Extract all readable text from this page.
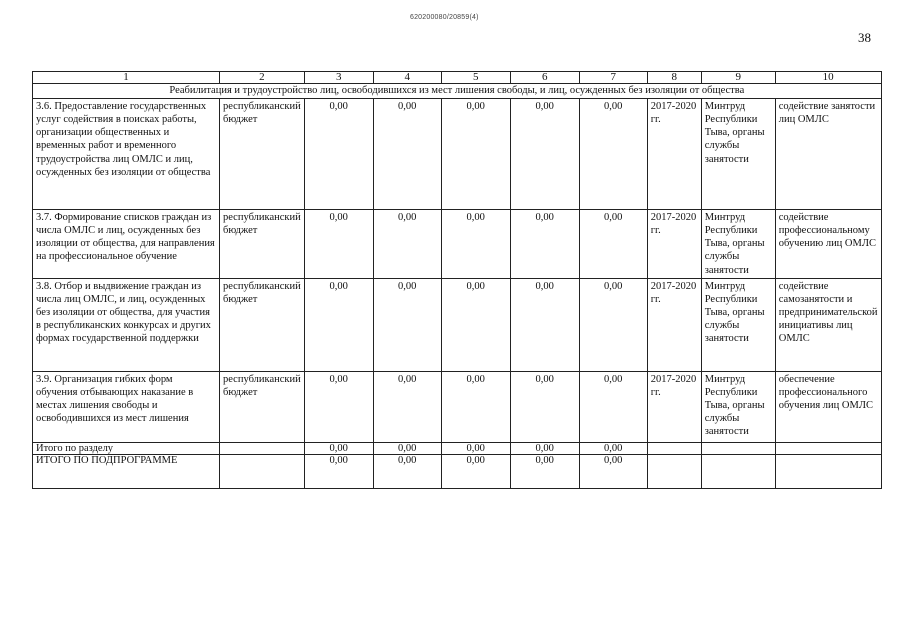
620200080/20859(4)
38
1	2	3	4	5	6	7	8	9	10
Реабилитация и трудоустройство лиц, освободившихся из мест лишения свободы, и лиц, осужденных без изоляции от общества									
3.6. Предоставление государственных услуг содействия в поисках работы, организации общественных и временных работ и временного трудоустройства лиц ОМЛС и лиц, осужденных без изоляции от общества	республиканский бюджет	0,00	0,00	0,00	0,00	0,00	2017-2020 гг.	Минтруд Республики Тыва, органы службы занятости	содействие занятости лиц ОМЛС
3.7. Формирование списков граждан из числа ОМЛС и лиц, осужденных без изоляции от общества, для направления на профессиональное обучение	республиканский бюджет	0,00	0,00	0,00	0,00	0,00	2017-2020 гг.	Минтруд Республики Тыва, органы службы занятости	содействие профессиональному обучению лиц ОМЛС
3.8. Отбор и выдвижение граждан из числа лиц ОМЛС, и лиц, осужденных без изоляции от общества, для участия в республиканских конкурсах и других формах государственной поддержки	республиканский бюджет	0,00	0,00	0,00	0,00	0,00	2017-2020 гг.	Минтруд Республики Тыва, органы службы занятости	содействие самозанятости и предпринимательской инициативы лиц ОМЛС
3.9. Организация гибких форм обучения отбывающих наказание в местах лишения свободы и освободившихся из мест лишения	республиканский бюджет	0,00	0,00	0,00	0,00	0,00	2017-2020 гг.	Минтруд Республики Тыва, органы службы занятости	обеспечение профессионального обучения лиц ОМЛС
Итого по разделу		0,00	0,00	0,00	0,00	0,00			
ИТОГО ПО ПОДПРОГРАММЕ		0,00	0,00	0,00	0,00	0,00			
